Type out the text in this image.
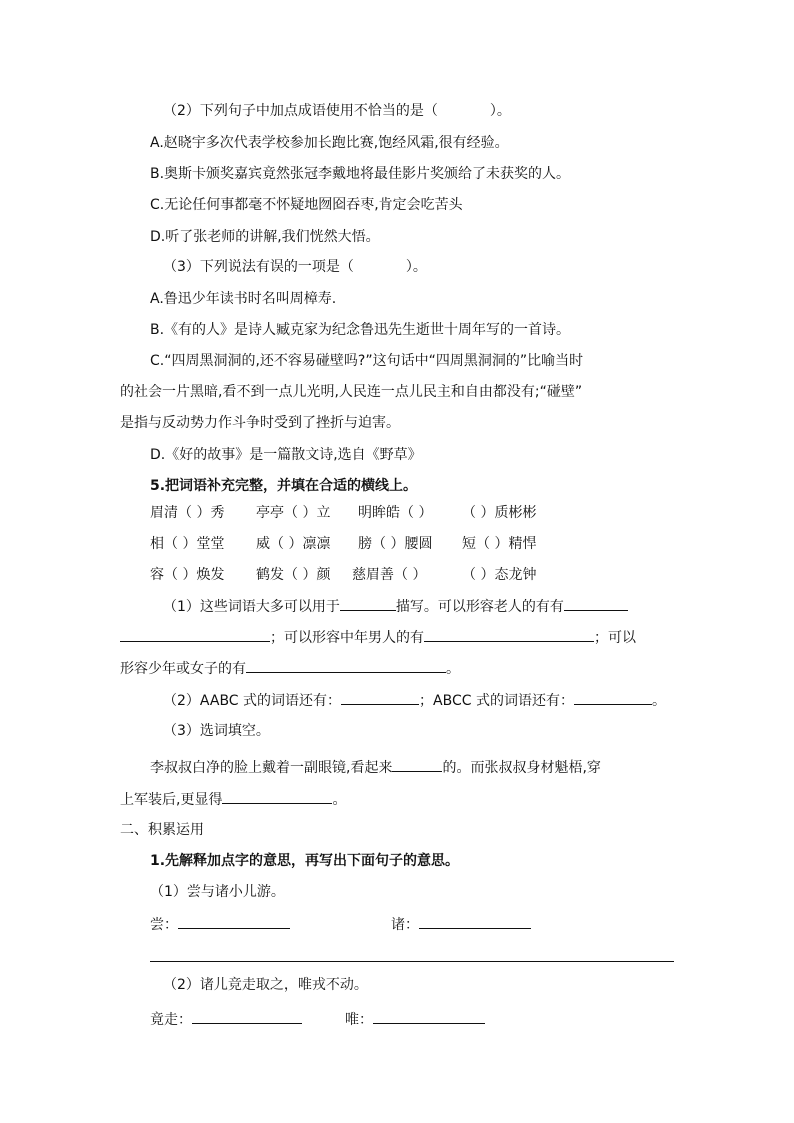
（2）下列句子中加点成语使用不恰当的是（	）。
A.赵晓宇多次代表学校参加长跑比赛,饱经风霜,很有经验。
B.奥斯卡颁奖嘉宾竟然张冠李戴地将最佳影片奖颁给了未获奖的人。
C.无论任何事都毫不怀疑地囫囵吞枣,肯定会吃苦头
D.听了张老师的讲解,我们恍然大悟。
（3）下列说法有误的一项是（	）。
A.鲁迅少年读书时名叫周樟寿.
B.《有的人》是诗人臧克家为纪念鲁迅先生逝世十周年写的一首诗。
C.“四周黑洞洞的,还不容易碰壁吗?”这句话中“四周黑洞洞的”比喻当时
的社会一片黑暗,看不到一点儿光明,人民连一点儿民主和自由都没有;“碰壁”
是指与反动势力作斗争时受到了挫折与迫害。
D.《好的故事》是一篇散文诗,选自《野草》
5.把词语补充完整，并填在合适的横线上。
眉清（ ）秀 亭亭（ ）立 明眸皓（ ） （ ）质彬彬
相（ ）堂堂 威（ ）凛凛 膀（ ）腰圆 短（ ）精悍
容（ ）焕发 鹤发（ ）颜 慈眉善（ ）	（ ）态龙钟
（1）这些词语大多可以用于	描写。可以形容老人的有有
；可以形容中年男人的有	；可以
形容少年或女子的有	。
（2）AABC 式的词语还有：	；ABCC 式的词语还有：	。
（3）选词填空。
李叔叔白净的脸上戴着一副眼镜,看起来	的。而张叔叔身材魁梧,穿
上军装后,更显得	。
二、积累运用
1.先解释加点字的意思，再写出下面句子的意思。
（1）尝与诸小儿游。
尝：	诸：
（2）诸儿竞走取之，唯戎不动。
竟走：	唯：
